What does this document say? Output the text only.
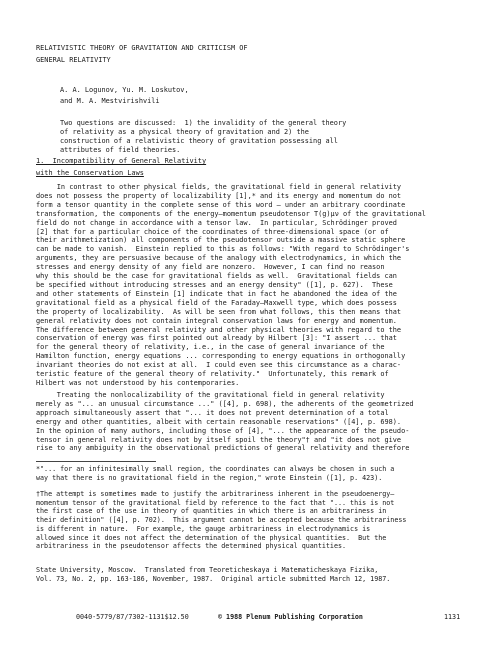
RELATIVISTIC THEORY OF GRAVITATION AND CRITICISM OF
GENERAL RELATIVITY
A. A. Logunov, Yu. M. Loskutov,
and M. A. Mestvirishvili
Two questions are discussed:  1) the invalidity of the general theory
of relativity as a physical theory of gravitation and 2) the
construction of a relativistic theory of gravitation possessing all
attributes of field theories.
1.  Incompatibility of General Relativity
with the Conservation Laws
In contrast to other physical fields, the gravitational field in general relativity
does not possess the property of localizability [1],* and its energy and momentum do not
form a tensor quantity in the complete sense of this word — under an arbitrary coordinate
transformation, the components of the energy–momentum pseudotensor T(g)μν of the gravitational
field do not change in accordance with a tensor law.  In particular, Schrödinger proved
[2] that for a particular choice of the coordinates of three-dimensional space (or of
their arithmetization) all components of the pseudotensor outside a massive static sphere
can be made to vanish.  Einstein replied to this as follows: "With regard to Schrödinger's
arguments, they are persuasive because of the analogy with electrodynamics, in which the
stresses and energy density of any field are nonzero.  However, I can find no reason
why this should be the case for gravitational fields as well.  Gravitational fields can
be specified without introducing stresses and an energy density" ([1], p. 627).  These
and other statements of Einstein [1] indicate that in fact he abandoned the idea of the
gravitational field as a physical field of the Faraday–Maxwell type, which does possess
the property of localizability.  As will be seen from what follows, this then means that
general relativity does not contain integral conservation laws for energy and momentum.
The difference between general relativity and other physical theories with regard to the
conservation of energy was first pointed out already by Hilbert [3]: "I assert ... that
for the general theory of relativity, i.e., in the case of general invariance of the
Hamilton function, energy equations ... corresponding to energy equations in orthogonally
invariant theories do not exist at all.  I could even see this circumstance as a charac-
teristic feature of the general theory of relativity."  Unfortunately, this remark of
Hilbert was not understood by his contemporaries.
Treating the nonlocalizability of the gravitational field in general relativity
merely as "... an unusual circumstance ..." ([4], p. 698), the adherents of the geometrized
approach simultaneously assert that "... it does not prevent determination of a total
energy and other quantities, albeit with certain reasonable reservations" ([4], p. 698).
In the opinion of many authors, including those of [4], "... the appearance of the pseudo-
tensor in general relativity does not by itself spoil the theory"† and "it does not give
rise to any ambiguity in the observational predictions of general relativity and therefore
*"... for an infinitesimally small region, the coordinates can always be chosen in such a
way that there is no gravitational field in the region," wrote Einstein ([1], p. 423).
†The attempt is sometimes made to justify the arbitrariness inherent in the pseudoenergy–
momentum tensor of the gravitational field by reference to the fact that "... this is not
the first case of the use in theory of quantities in which there is an arbitrariness in
their definition" ([4], p. 702).  This argument cannot be accepted because the arbitrariness
is different in nature.  For example, the gauge arbitrariness in electrodynamics is
allowed since it does not affect the determination of the physical quantities.  But the
arbitrariness in the pseudotensor affects the determined physical quantities.
State University, Moscow.  Translated from Teoreticheskaya i Matematicheskaya Fizika,
Vol. 73, No. 2, pp. 163-186, November, 1987.  Original article submitted March 12, 1987.
0040-5779/87/7302-1131$12.50	© 1988 Plenum Publishing Corporation	1131
